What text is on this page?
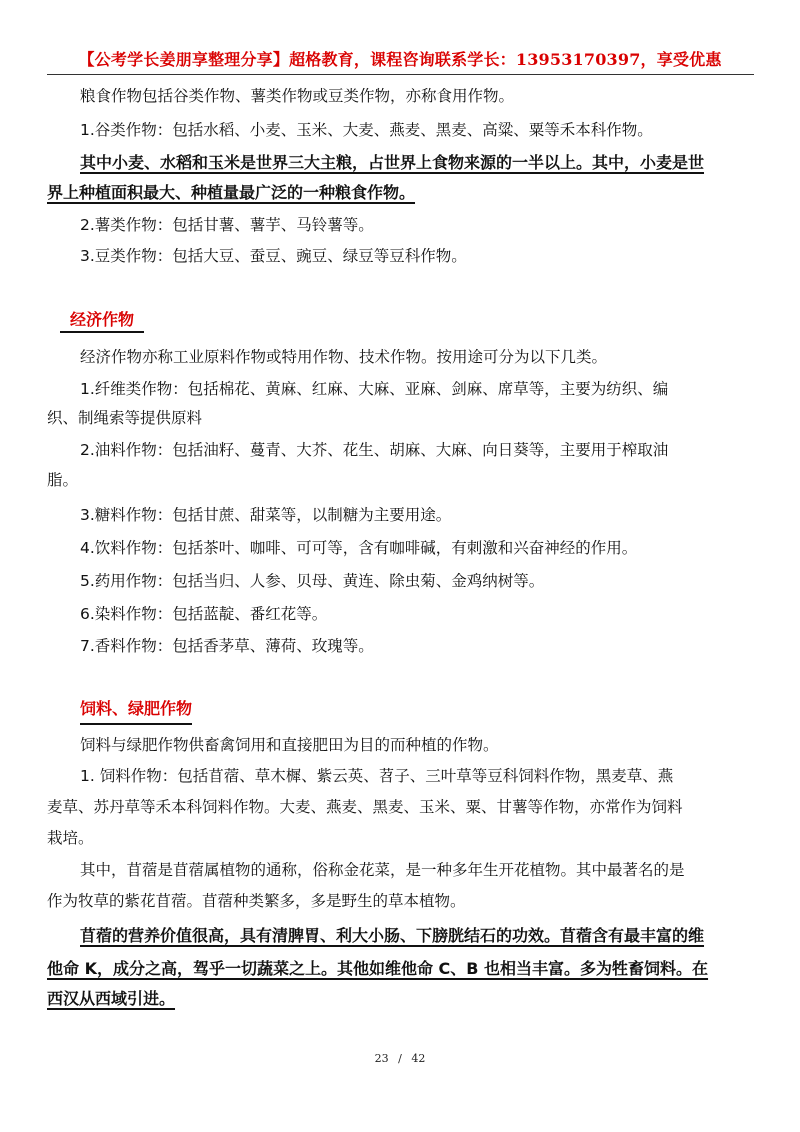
【公考学长姜朋享整理分享】超格教育，课程咨询联系学长：13953170397，享受优惠
粮食作物包括谷类作物、薯类作物或豆类作物，亦称食用作物。
1.谷类作物：包括水稻、小麦、玉米、大麦、燕麦、黑麦、高粱、粟等禾本科作物。
其中小麦、水稻和玉米是世界三大主粮，占世界上食物来源的一半以上。其中，小麦是世
界上种植面积最大、种植量最广泛的一种粮食作物。
2.薯类作物：包括甘薯、薯芋、马铃薯等。
3.豆类作物：包括大豆、蚕豆、豌豆、绿豆等豆科作物。
经济作物
经济作物亦称工业原料作物或特用作物、技术作物。按用途可分为以下几类。
1.纤维类作物：包括棉花、黄麻、红麻、大麻、亚麻、剑麻、席草等，主要为纺织、编
织、制绳索等提供原料
2.油料作物：包括油籽、蔓青、大芥、花生、胡麻、大麻、向日葵等，主要用于榨取油
脂。
3.糖料作物：包括甘蔗、甜菜等，以制糖为主要用途。
4.饮料作物：包括茶叶、咖啡、可可等，含有咖啡碱，有刺激和兴奋神经的作用。
5.药用作物：包括当归、人参、贝母、黄连、除虫菊、金鸡纳树等。
6.染料作物：包括蓝靛、番红花等。
7.香料作物：包括香茅草、薄荷、玫瑰等。
饲料、绿肥作物
饲料与绿肥作物供畜禽饲用和直接肥田为目的而种植的作物。
1. 饲料作物：包括苜蓿、草木樨、紫云英、苕子、三叶草等豆科饲料作物，黑麦草、燕
麦草、苏丹草等禾本科饲料作物。大麦、燕麦、黑麦、玉米、粟、甘薯等作物，亦常作为饲料
栽培。
其中，苜蓿是苜蓿属植物的通称，俗称金花菜，是一种多年生开花植物。其中最著名的是
作为牧草的紫花苜蓿。苜蓿种类繁多，多是野生的草本植物。
苜蓿的营养价值很高，具有清脾胃、利大小肠、下膀胱结石的功效。苜蓿含有最丰富的维
他命 K，成分之高，驾乎一切蔬菜之上。其他如维他命 C、B 也相当丰富。多为牲畜饲料。在
西汉从西域引进。
23 / 42
